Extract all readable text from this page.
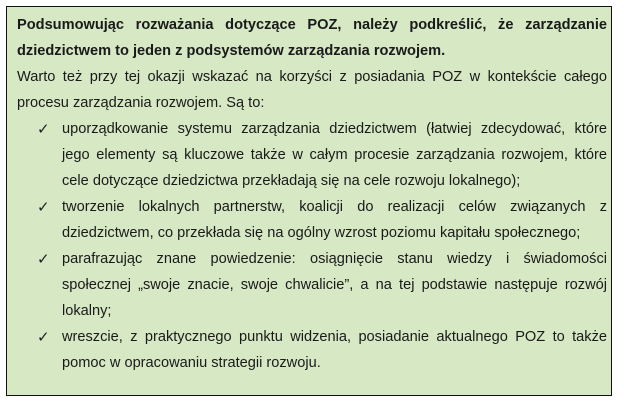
Podsumowując rozważania dotyczące POZ, należy podkreślić, że zarządzanie dziedzictwem to jeden z podsystemów zarządzania rozwojem.

Warto też przy tej okazji wskazać na korzyści z posiadania POZ w kontekście całego procesu zarządzania rozwojem. Są to:

✓ uporządkowanie systemu zarządzania dziedzictwem (łatwiej zdecydować, które jego elementy są kluczowe także w całym procesie zarządzania rozwojem, które cele dotyczące dziedzictwa przekładają się na cele rozwoju lokalnego);
✓ tworzenie lokalnych partnerstw, koalicji do realizacji celów związanych z dziedzictwem, co przekłada się na ogólny wzrost poziomu kapitału społecznego;
✓ parafrazując znane powiedzenie: osiągnięcie stanu wiedzy i świadomości społecznej „swoje znacie, swoje chwalicie”, a na tej podstawie następuje rozwój lokalny;
✓ wreszcie, z praktycznego punktu widzenia, posiadanie aktualnego POZ to także pomoc w opracowaniu strategii rozwoju.
